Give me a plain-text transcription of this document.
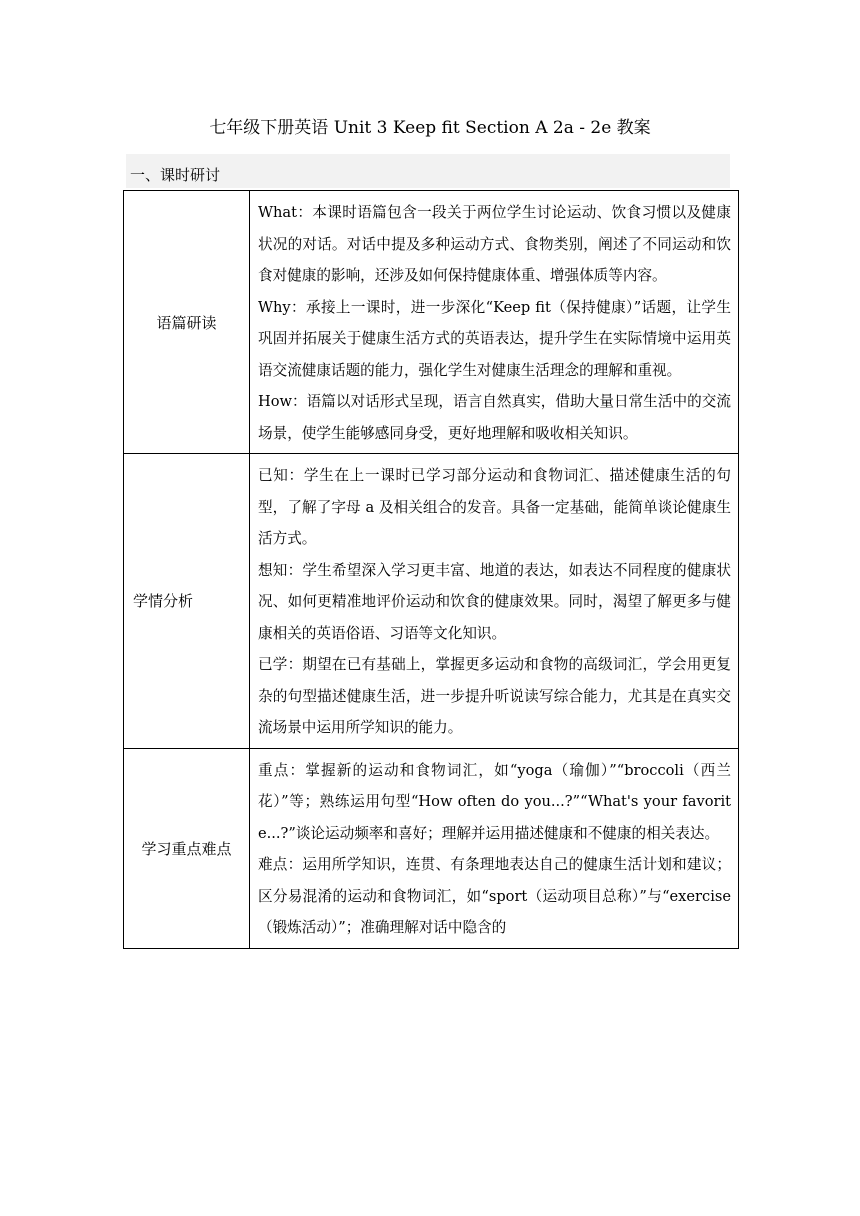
七年级下册英语 Unit 3 Keep fit Section A 2a - 2e 教案
一、课时研讨
语篇研读	What：本课时语篇包含一段关于两位学生讨论运动、饮食习惯以及健康状况的对话。对话中提及多种运动方式、食物类别，阐述了不同运动和饮食对健康的影响，还涉及如何保持健康体重、增强体质等内容。

Why：承接上一课时，进一步深化“Keep fit（保持健康）”话题，让学生巩固并拓展关于健康生活方式的英语表达，提升学生在实际情境中运用英语交流健康话题的能力，强化学生对健康生活理念的理解和重视。

How：语篇以对话形式呈现，语言自然真实，借助大量日常生活中的交流场景，使学生能够感同身受，更好地理解和吸收相关知识。

学情分析	已知：学生在上一课时已学习部分运动和食物词汇、描述健康生活的句型，了解了字母 a 及相关组合的发音。具备一定基础，能简单谈论健康生活方式。

想知：学生希望深入学习更丰富、地道的表达，如表达不同程度的健康状况、如何更精准地评价运动和饮食的健康效果。同时，渴望了解更多与健康相关的英语俗语、习语等文化知识。

已学：期望在已有基础上，掌握更多运动和食物的高级词汇，学会用更复杂的句型描述健康生活，进一步提升听说读写综合能力，尤其是在真实交流场景中运用所学知识的能力。

学习重点难点	重点：掌握新的运动和食物词汇，如“yoga（瑜伽）”“broccoli（西兰花）”等；熟练运用句型“How often do you...?”“What's your favorite...?”谈论运动频率和喜好；理解并运用描述健康和不健康的相关表达。

难点：运用所学知识，连贯、有条理地表达自己的健康生活计划和建议；区分易混淆的运动和食物词汇，如“sport（运动项目总称）”与“exercise（锻炼活动）”；准确理解对话中隐含的
